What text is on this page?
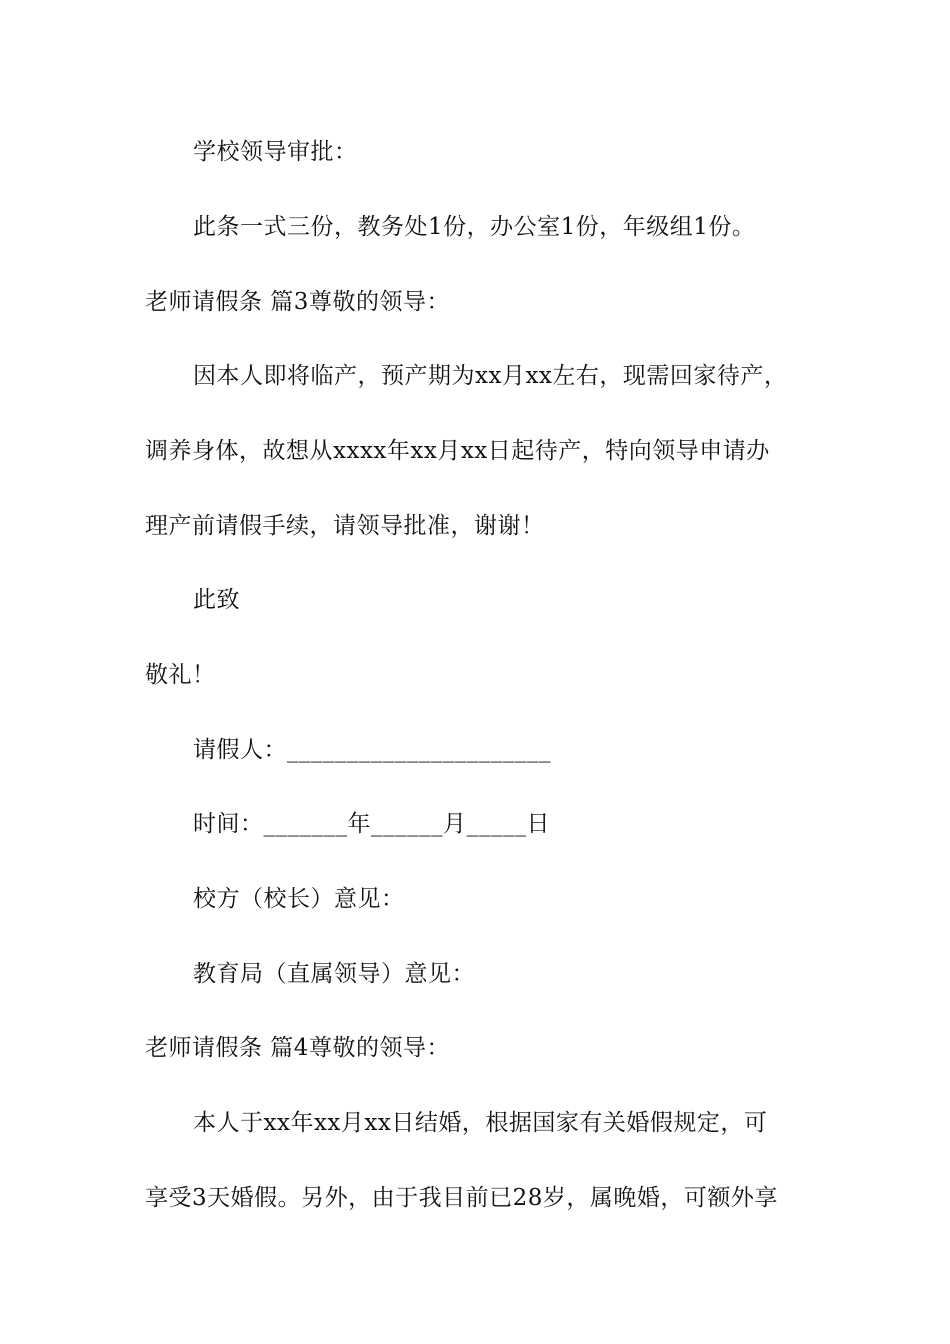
学校领导审批：
此条一式三份，教务处1份，办公室1份，年级组1份。
老师请假条 篇3尊敬的领导：
因本人即将临产，预产期为xx月xx左右，现需回家待产，
调养身体，故想从xxxx年xx月xx日起待产，特向领导申请办
理产前请假手续，请领导批准，谢谢！
此致
敬礼！
请假人：______________________
时间：_______年______月_____日
校方（校长）意见：
教育局（直属领导）意见：
老师请假条 篇4尊敬的领导：
本人于xx年xx月xx日结婚，根据国家有关婚假规定，可
享受3天婚假。另外，由于我目前已28岁，属晚婚，可额外享
